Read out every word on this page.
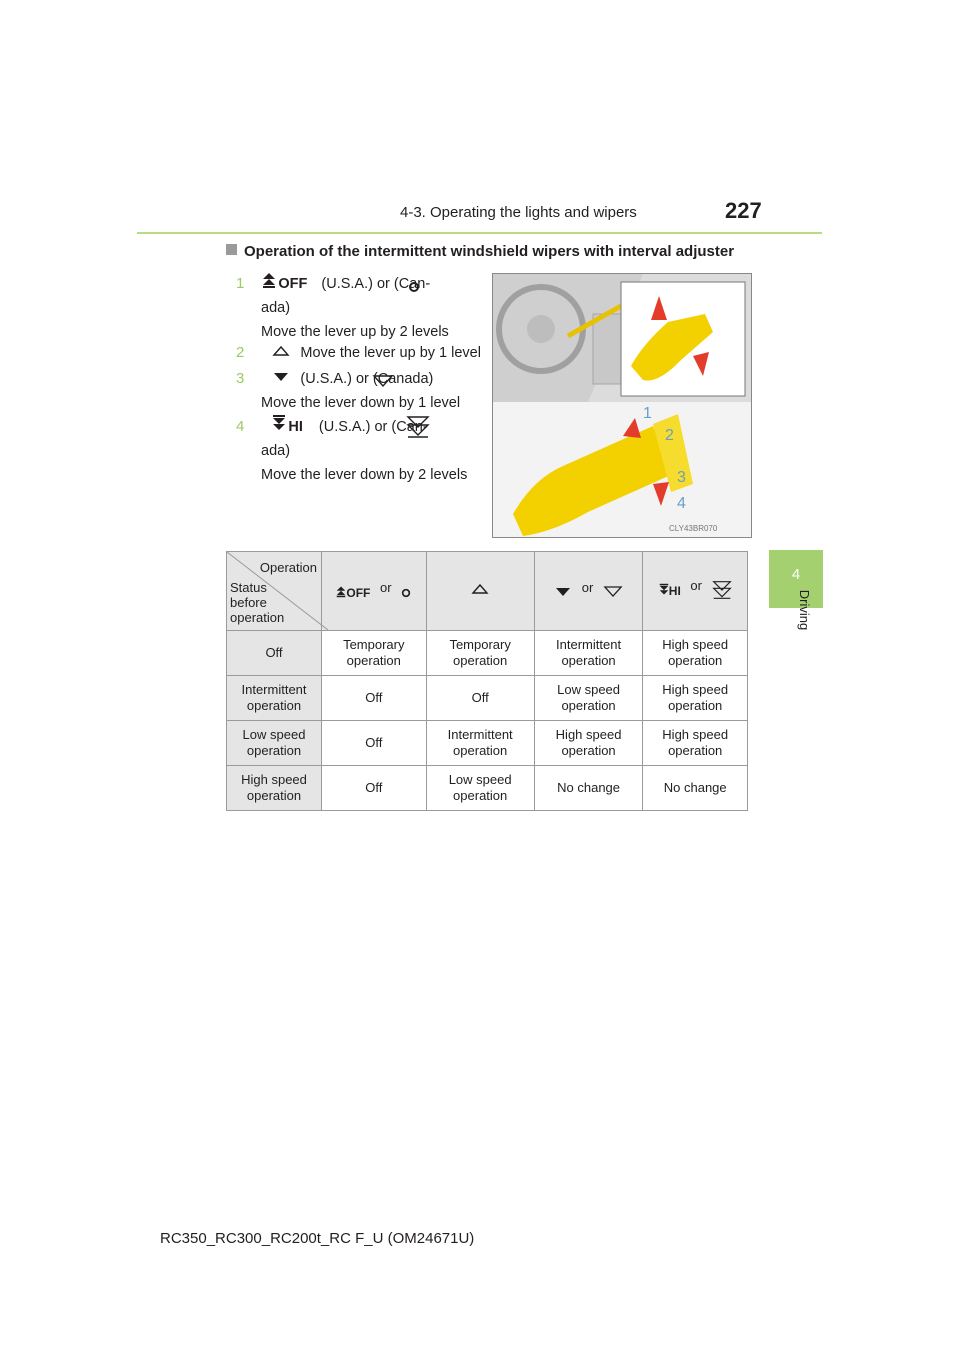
4-3. Operating the lights and wipers	227
4
Driving
Operation of the intermittent windshield wipers with interval adjuster
1 OFF (U.S.A.) or (Can-
ada)
Move the lever up by 2 levels
2	Move the lever up by 1 level
3	(U.S.A.) or (Canada)
Move the lever down by 1 level
4	HI (U.S.A.) or (Can-
ada)
Move the lever down by 2 levels
1
2
3
4
CLY43BR070
Operation
Status
before
operation	OFF or		or	HI or
Off	Temporary operation	Temporary operation	Intermittent operation	High speed operation
Intermittent operation	Off	Off	Low speed operation	High speed operation
Low speed operation	Off	Intermittent operation	High speed operation	High speed operation
High speed operation	Off	Low speed operation	No change	No change
RC350_RC300_RC200t_RC F_U (OM24671U)
